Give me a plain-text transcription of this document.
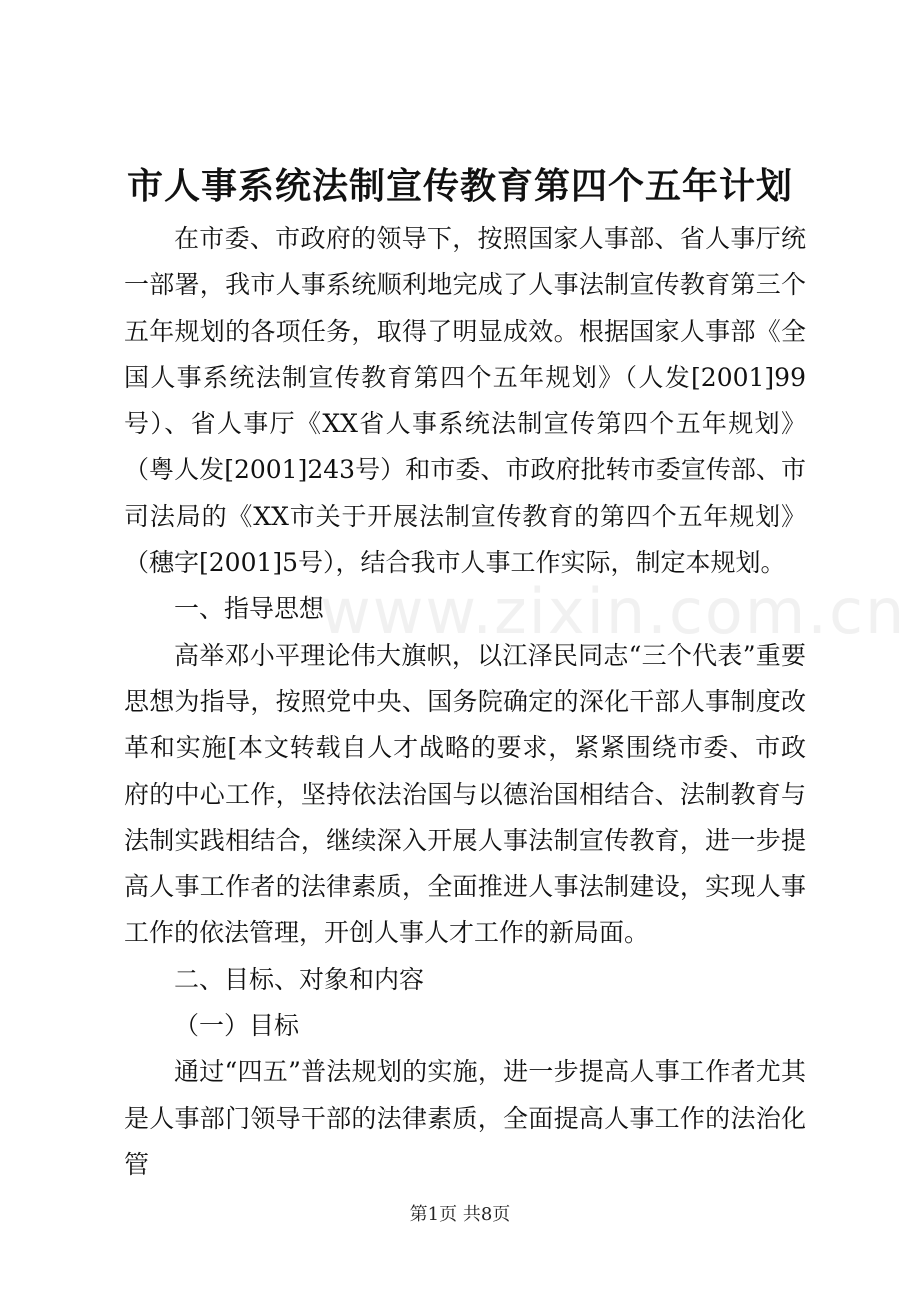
市人事系统法制宣传教育第四个五年计划

在市委、市政府的领导下，按照国家人事部、省人事厅统一部署，我市人事系统顺利地完成了人事法制宣传教育第三个五年规划的各项任务，取得了明显成效。根据国家人事部《全国人事系统法制宣传教育第四个五年规划》（人发[2001]99号）、省人事厅《XX省人事系统法制宣传第四个五年规划》（粤人发[2001]243号）和市委、市政府批转市委宣传部、市司法局的《XX市关于开展法制宣传教育的第四个五年规划》（穗字[2001]5号），结合我市人事工作实际，制定本规划。

一、指导思想

高举邓小平理论伟大旗帜，以江泽民同志“三个代表”重要思想为指导，按照党中央、国务院确定的深化干部人事制度改革和实施[本文转载自人才战略的要求，紧紧围绕市委、市政府的中心工作，坚持依法治国与以德治国相结合、法制教育与法制实践相结合，继续深入开展人事法制宣传教育，进一步提高人事工作者的法律素质，全面推进人事法制建设，实现人事工作的依法管理，开创人事人才工作的新局面。

二、目标、对象和内容

（一）目标

通过“四五”普法规划的实施，进一步提高人事工作者尤其是人事部门领导干部的法律素质，全面提高人事工作的法治化管

www.zixin.com.cn
第1页 共8页
